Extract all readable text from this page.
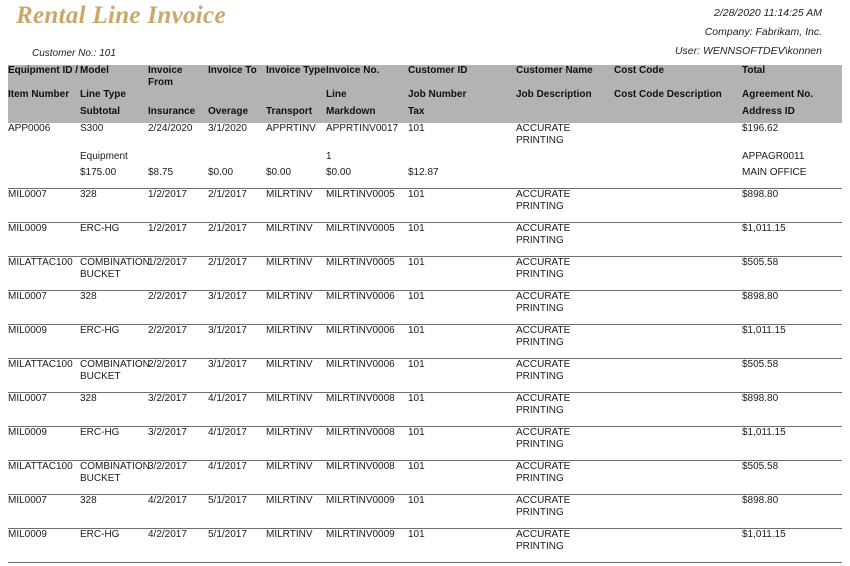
Rental Line Invoice	2/28/2020 11:14:25 AM
Company: Fabrikam, Inc.
User: WENNSOFTDEV\konnen
Customer No.: 101
Equipment ID /	Model	Invoice From	Invoice To	Invoice Type	Invoice No.	Customer ID	Customer Name	Cost Code	Total
Item Number	Line Type				Line	Job Number	Job Description	Cost Code Description	Agreement No.
	Subtotal	Insurance	Overage	Transport	Markdown	Tax			Address ID
APP0006	S300	2/24/2020	3/1/2020	APPRTINV	APPRTINV0017	101	ACCURATE PRINTING		$196.62

	Equipment				1				APPAGR0011

	$175.00	$8.75	$0.00	$0.00	$0.00	$12.87			MAIN OFFICE

MIL0007	328	1/2/2017	2/1/2017	MILRTINV	MILRTINV0005	101	ACCURATE PRINTING		$898.80

MIL0009	ERC-HG	1/2/2017	2/1/2017	MILRTINV	MILRTINV0005	101	ACCURATE PRINTING		$1,011.15

MILATTAC100	COMBINATION BUCKET	1/2/2017	2/1/2017	MILRTINV	MILRTINV0005	101	ACCURATE PRINTING		$505.58

MIL0007	328	2/2/2017	3/1/2017	MILRTINV	MILRTINV0006	101	ACCURATE PRINTING		$898.80

MIL0009	ERC-HG	2/2/2017	3/1/2017	MILRTINV	MILRTINV0006	101	ACCURATE PRINTING		$1,011.15

MILATTAC100	COMBINATION BUCKET	2/2/2017	3/1/2017	MILRTINV	MILRTINV0006	101	ACCURATE PRINTING		$505.58

MIL0007	328	3/2/2017	4/1/2017	MILRTINV	MILRTINV0008	101	ACCURATE PRINTING		$898.80

MIL0009	ERC-HG	3/2/2017	4/1/2017	MILRTINV	MILRTINV0008	101	ACCURATE PRINTING		$1,011.15

MILATTAC100	COMBINATION BUCKET	3/2/2017	4/1/2017	MILRTINV	MILRTINV0008	101	ACCURATE PRINTING		$505.58

MIL0007	328	4/2/2017	5/1/2017	MILRTINV	MILRTINV0009	101	ACCURATE PRINTING		$898.80

MIL0009	ERC-HG	4/2/2017	5/1/2017	MILRTINV	MILRTINV0009	101	ACCURATE PRINTING		$1,011.15
